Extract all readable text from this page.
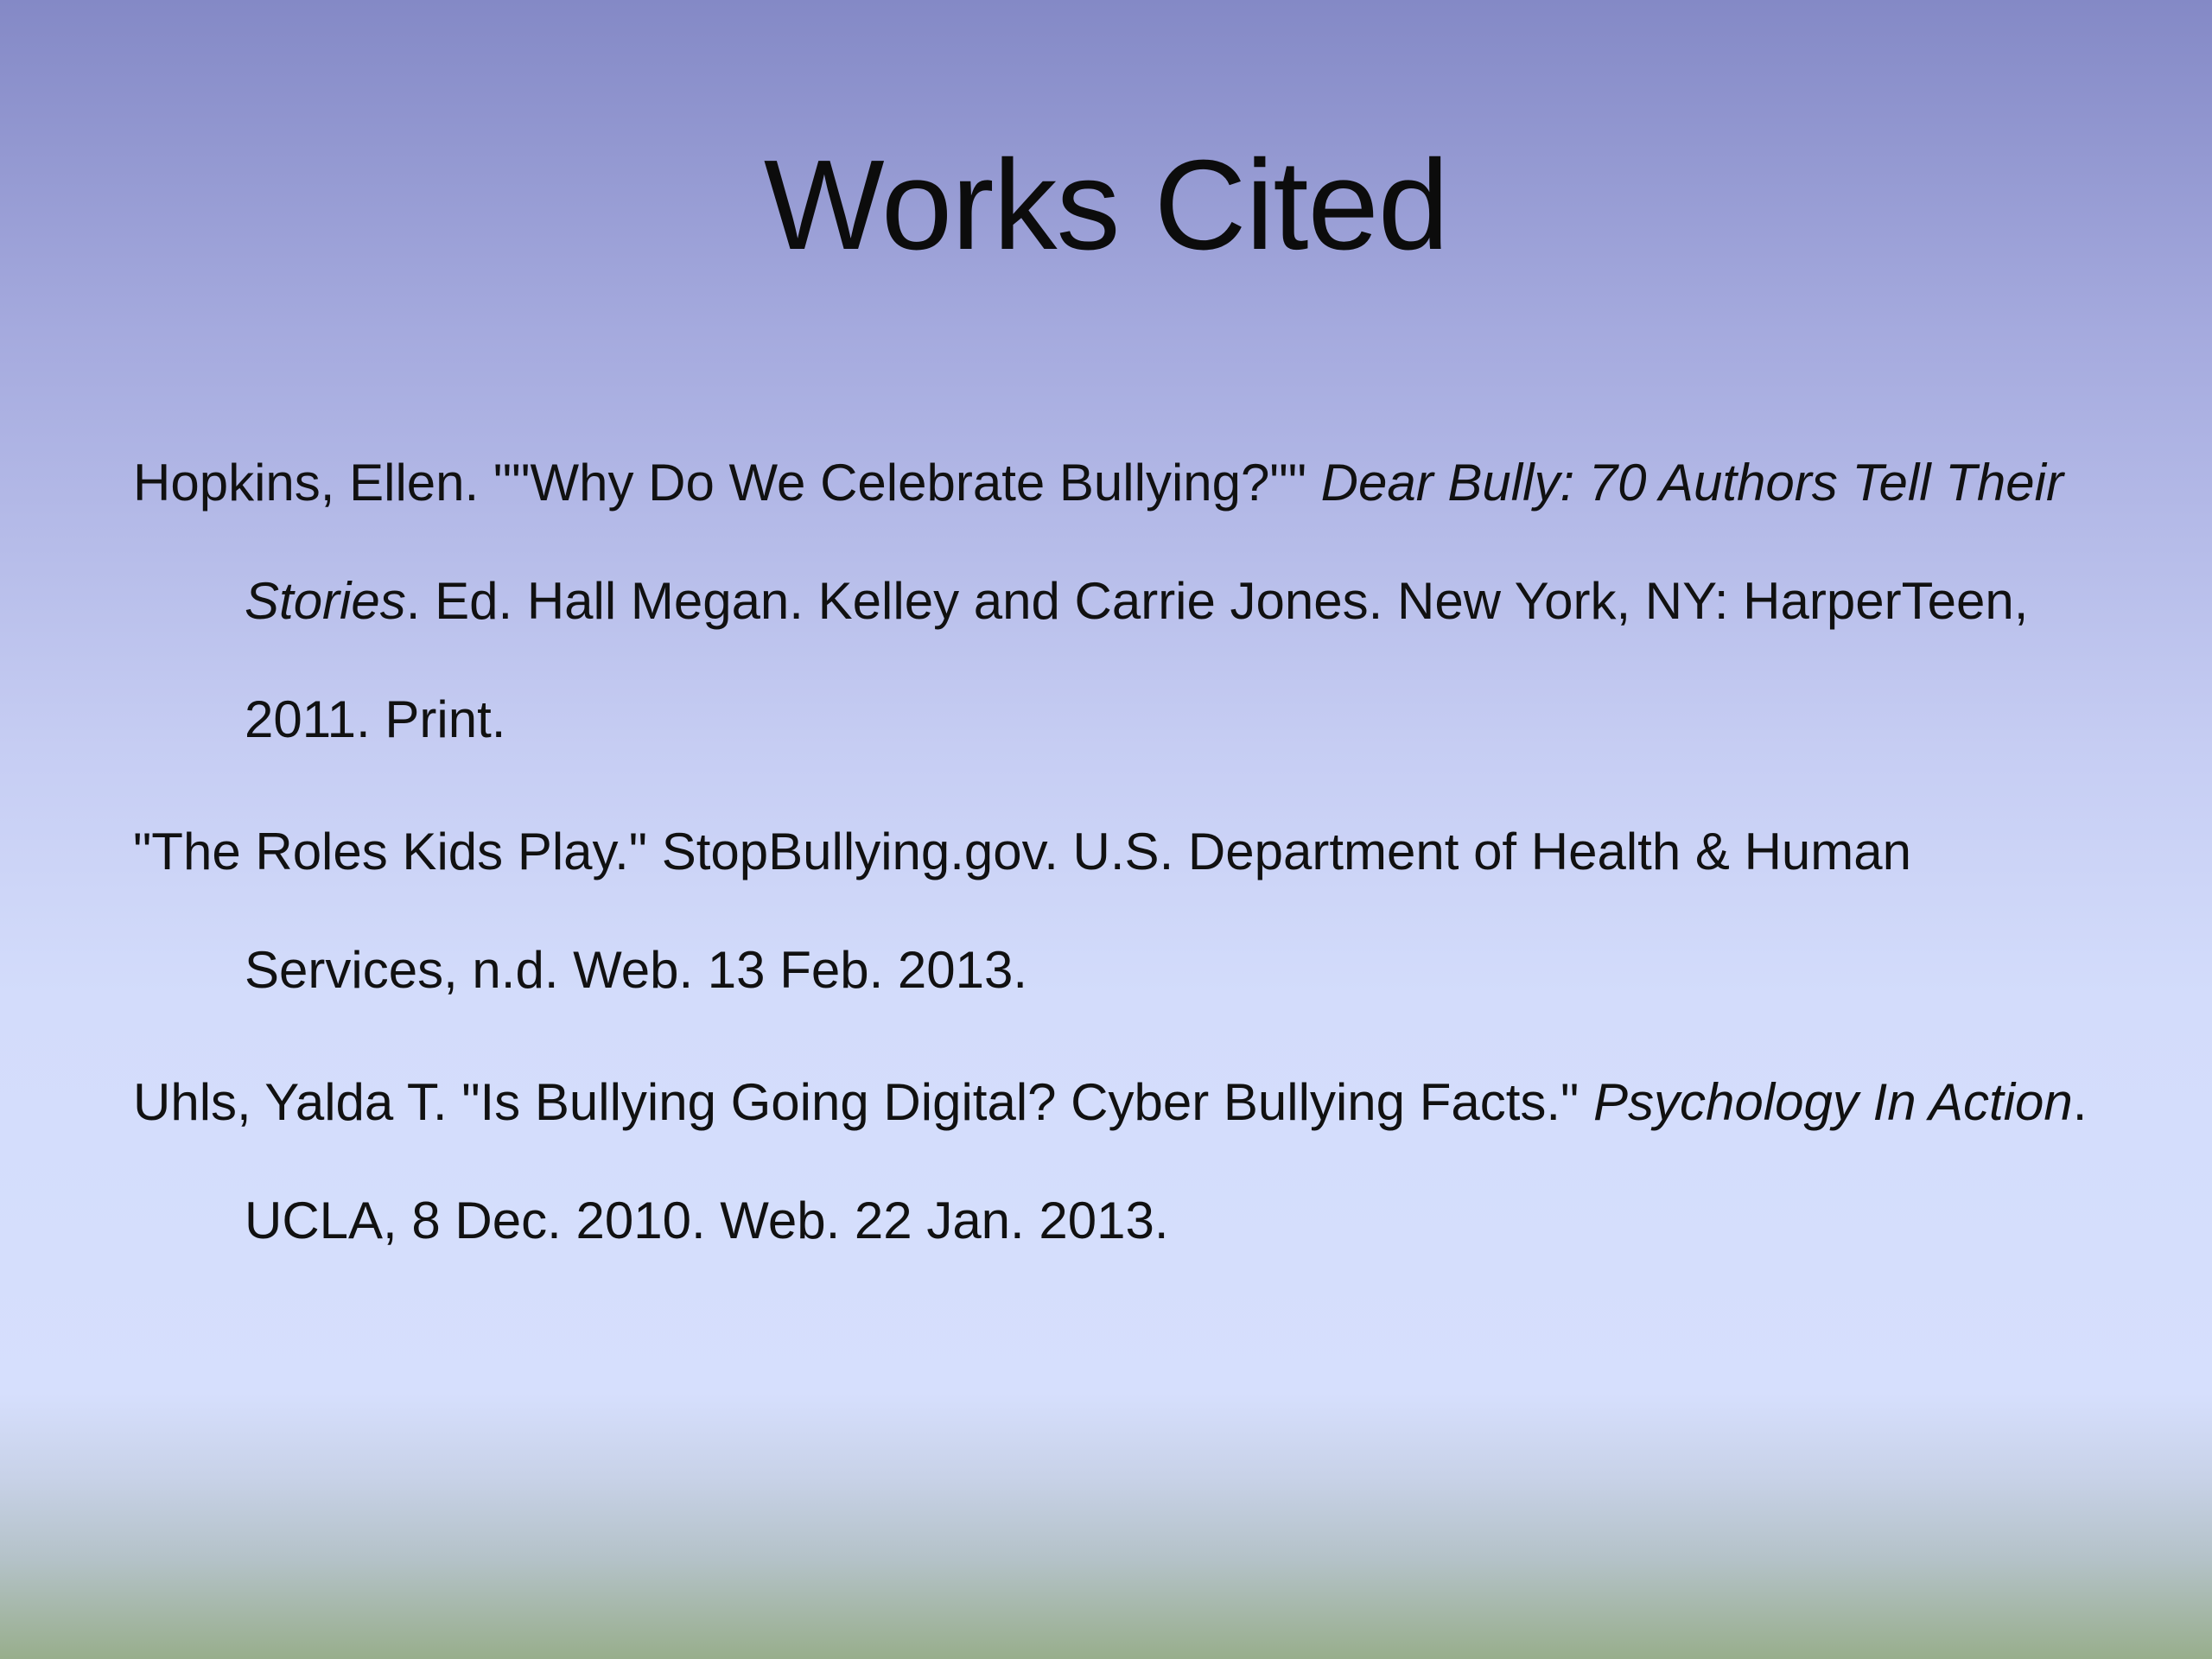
Works Cited

Hopkins, Ellen. ""Why Do We Celebrate Bullying?"" Dear Bully: 70 Authors Tell Their Stories. Ed. Hall Megan. Kelley and Carrie Jones. New York, NY: HarperTeen, 2011. Print.

"The Roles Kids Play." StopBullying.gov. U.S. Department of Health & Human Services, n.d. Web. 13 Feb. 2013.

Uhls, Yalda T. "Is Bullying Going Digital? Cyber Bullying Facts." Psychology In Action. UCLA, 8 Dec. 2010. Web. 22 Jan. 2013.
